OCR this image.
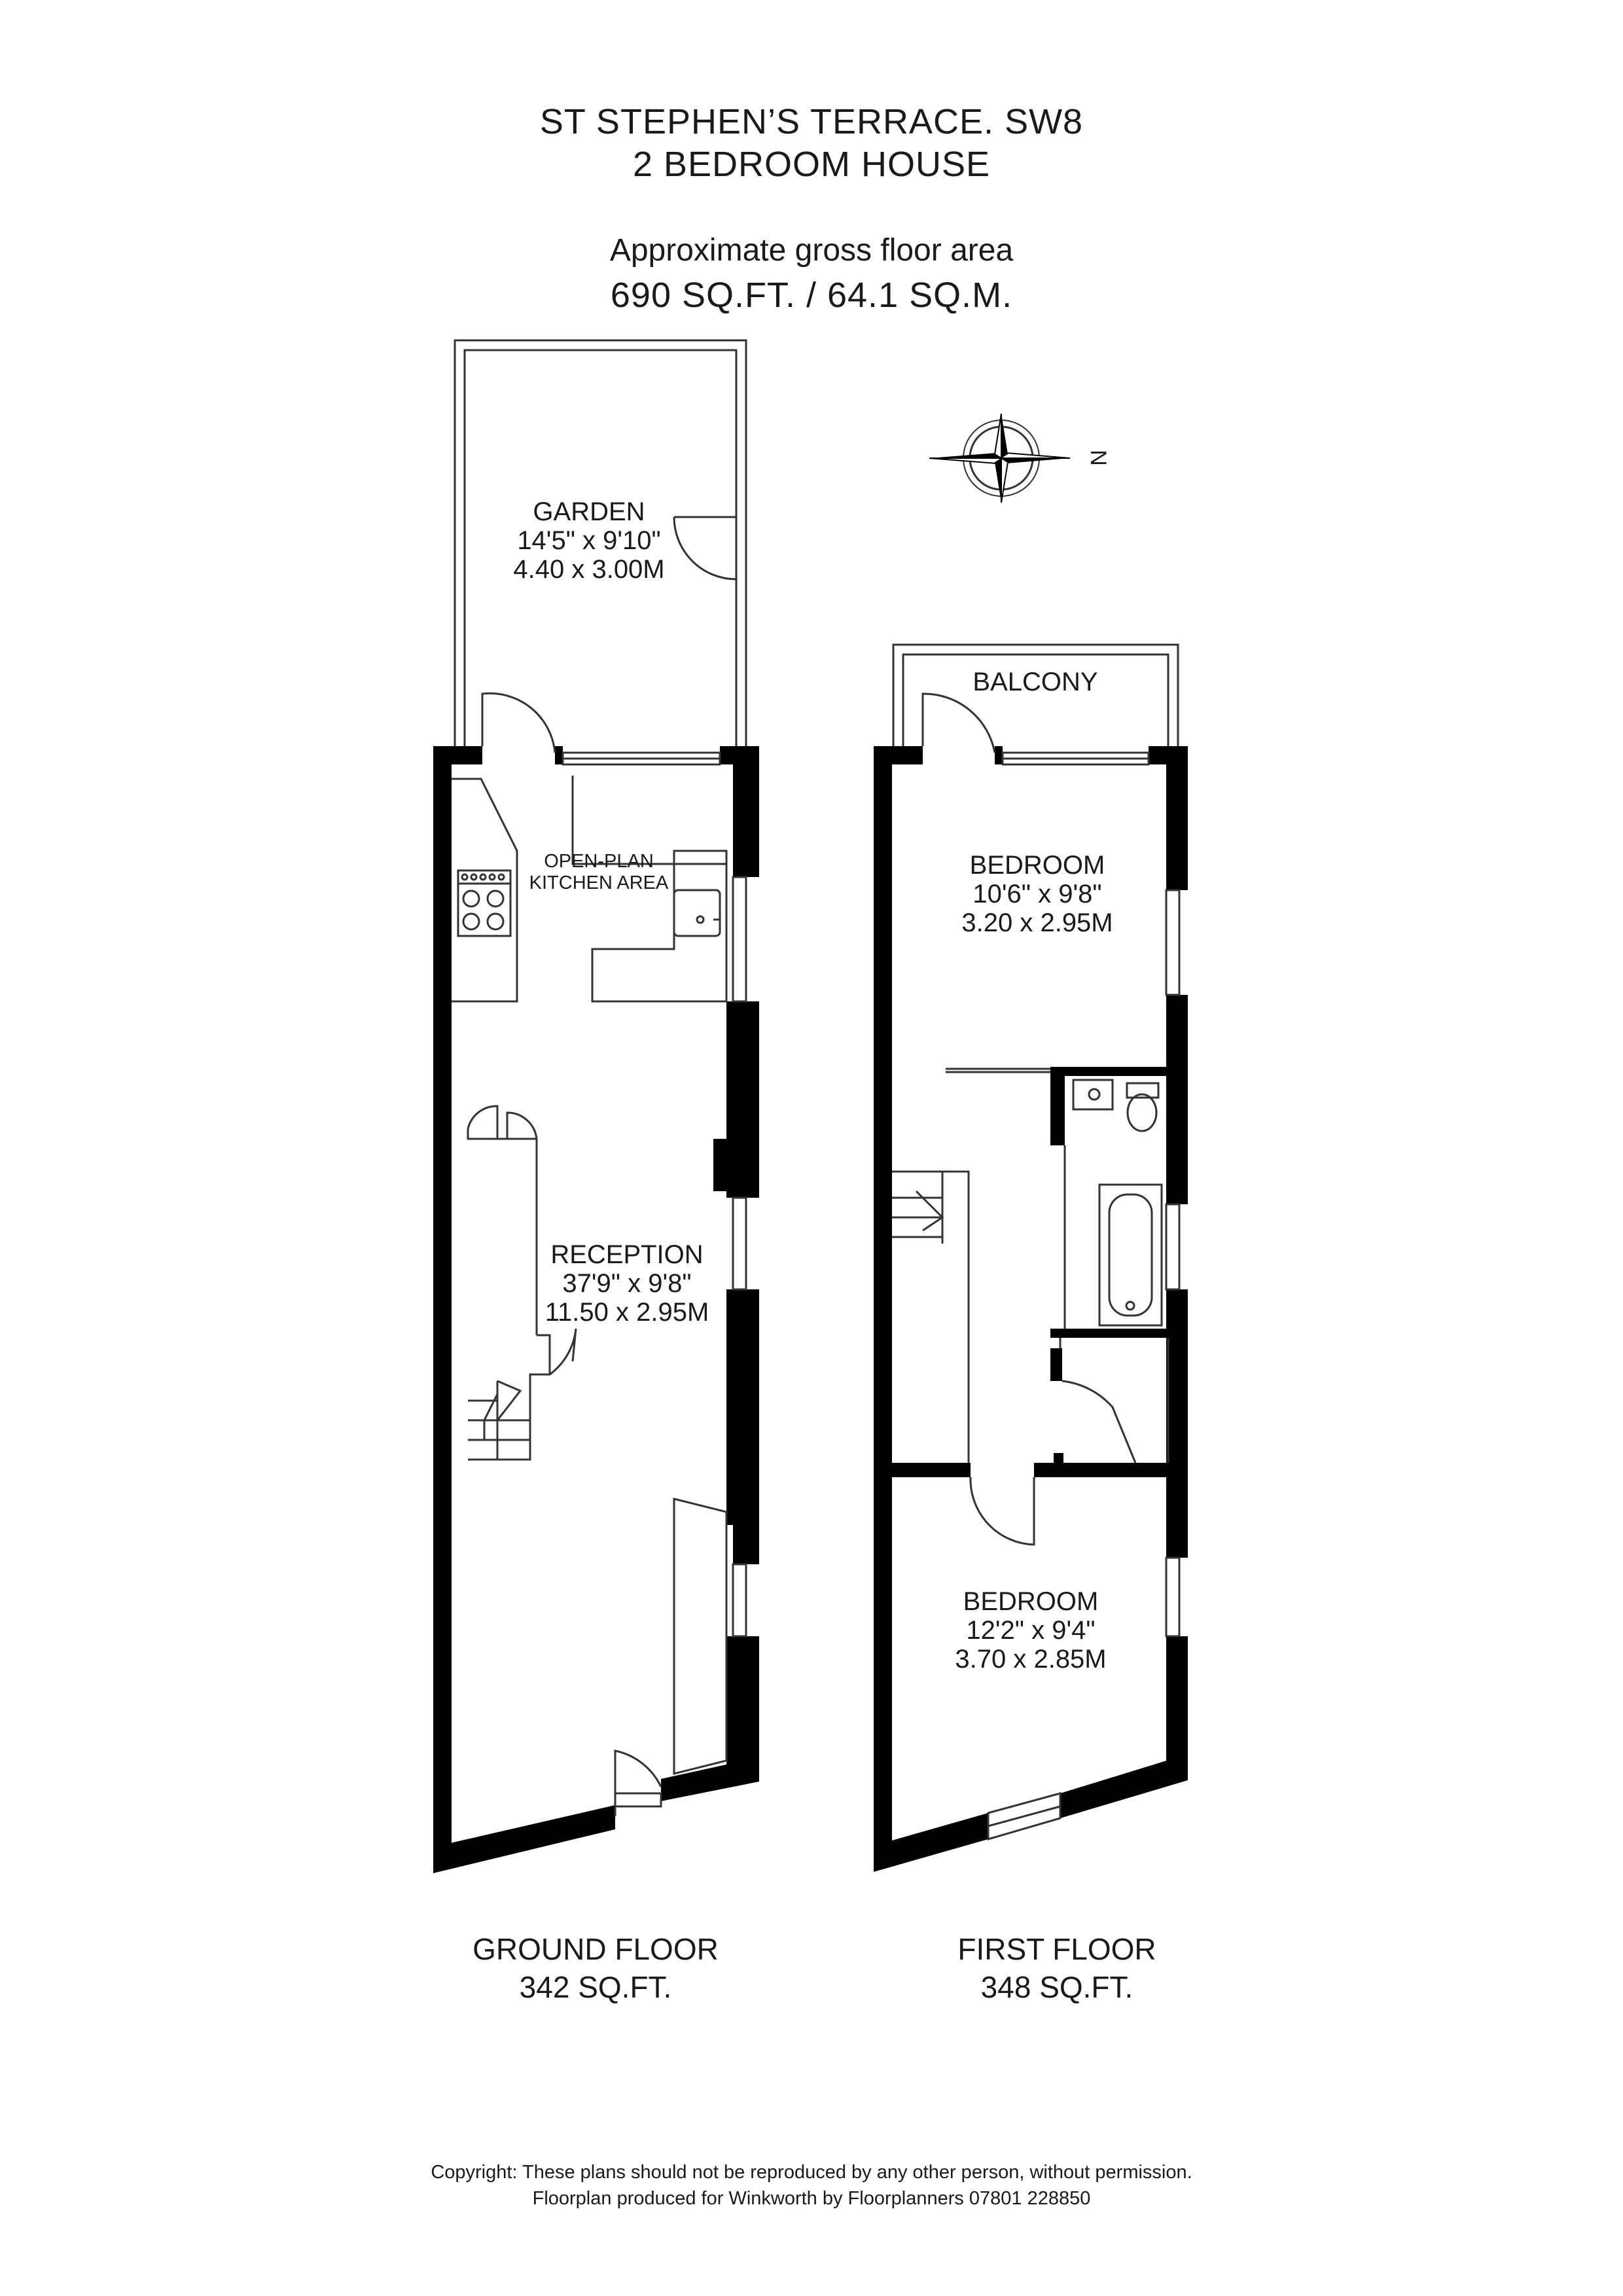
ST STEPHEN’S TERRACE. SW8
2 BEDROOM HOUSE
Approximate gross floor area
690 SQ.FT. / 64.1 SQ.M.
N
GARDEN
14'5" x 9'10"
4.40 x 3.00M
OPEN-PLAN
KITCHEN AREA
RECEPTION
37'9" x 9'8"
11.50 x 2.95M
BALCONY
BEDROOM
10'6" x 9'8"
3.20 x 2.95M
BEDROOM
12'2" x 9'4"
3.70 x 2.85M
GROUND FLOOR
342 SQ.FT.
FIRST FLOOR
348 SQ.FT.
Copyright: These plans should not be reproduced by any other person, without permission.
Floorplan produced for Winkworth by Floorplanners 07801 228850
